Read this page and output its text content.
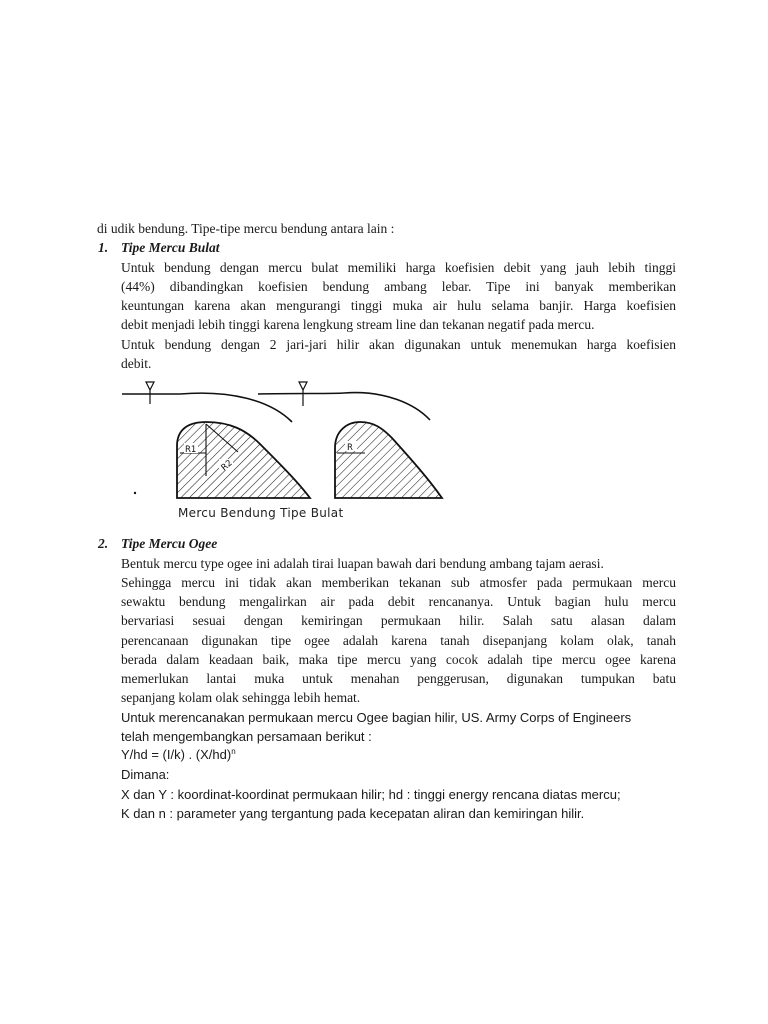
di udik bendung. Tipe-tipe mercu bendung antara lain :
1. Tipe Mercu Bulat
Untuk bendung dengan mercu bulat memiliki harga koefisien debit yang jauh lebih tinggi
(44%) dibandingkan koefisien bendung ambang lebar. Tipe ini banyak memberikan
keuntungan karena akan mengurangi tinggi muka air hulu selama banjir. Harga koefisien
debit menjadi lebih tinggi karena lengkung stream line dan tekanan negatif pada mercu.
Untuk bendung dengan 2 jari-jari hilir akan digunakan untuk menemukan harga koefisien
debit.
R1
R2
R
Mercu Bendung Tipe Bulat
2. Tipe Mercu Ogee
Bentuk mercu type ogee ini adalah tirai luapan bawah dari bendung ambang tajam aerasi.
Sehingga mercu ini tidak akan memberikan tekanan sub atmosfer pada permukaan mercu
sewaktu bendung mengalirkan air pada debit rencananya. Untuk bagian hulu mercu
bervariasi sesuai dengan kemiringan permukaan hilir. Salah satu alasan dalam
perencanaan digunakan tipe ogee adalah karena tanah disepanjang kolam olak, tanah
berada dalam keadaan baik, maka tipe mercu yang cocok adalah tipe mercu ogee karena
memerlukan lantai muka untuk menahan penggerusan, digunakan tumpukan batu
sepanjang kolam olak sehingga lebih hemat.
Untuk merencanakan permukaan mercu Ogee bagian hilir, US. Army Corps of Engineers
telah mengembangkan persamaan berikut :
Y/hd = (I/k) . $(X/hd)^n$
Dimana:
X dan Y : koordinat-koordinat permukaan hilir; hd : tinggi energy rencana diatas mercu;
K dan n : parameter yang tergantung pada kecepatan aliran dan kemiringan hilir.
